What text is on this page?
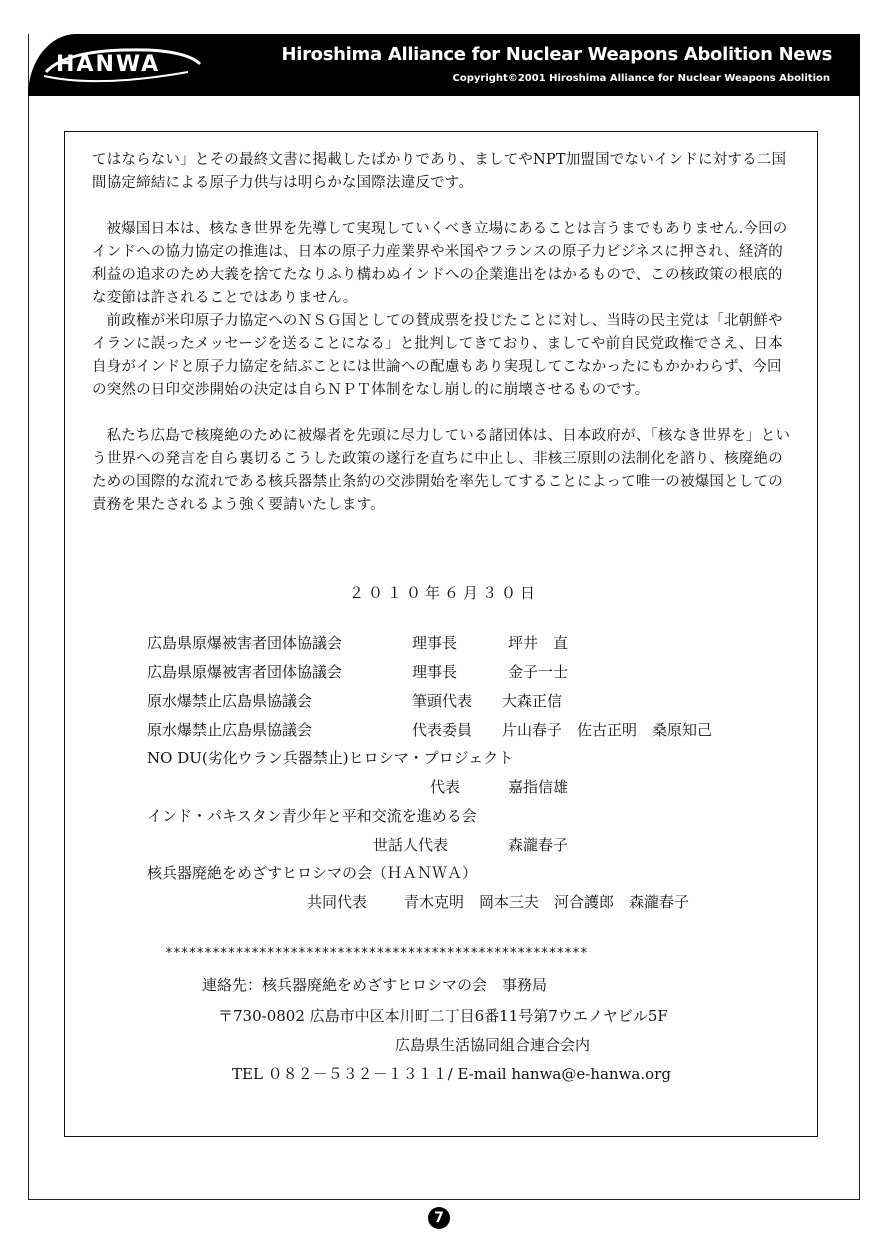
HANWA	Hiroshima Alliance for Nuclear Weapons Abolition News
Copyright©2001 Hiroshima Alliance for Nuclear Weapons Abolition

てはならない」とその最終文書に掲載したばかりであり、ましてやNPT加盟国でないインドに対する二国間協定締結による原子力供与は明らかな国際法違反です。

被爆国日本は、核なき世界を先導して実現していくべき立場にあることは言うまでもありません.今回のインドへの協力協定の推進は、日本の原子力産業界や米国やフランスの原子力ビジネスに押され、経済的利益の追求のため大義を捨てたなりふり構わぬインドへの企業進出をはかるもので、この核政策の根底的な変節は許されることではありません。

前政権が米印原子力協定へのＮＳＧ国としての賛成票を投じたことに対し、当時の民主党は「北朝鮮やイランに誤ったメッセージを送ることになる」と批判してきており、ましてや前自民党政権でさえ、日本自身がインドと原子力協定を結ぶことには世論への配慮もあり実現してこなかったにもかかわらず、今回の突然の日印交渉開始の決定は自らＮＰＴ体制をなし崩し的に崩壊させるものです。

私たち広島で核廃絶のために被爆者を先頭に尽力している諸団体は、日本政府が、「核なき世界を」という世界への発言を自ら裏切るこうした政策の遂行を直ちに中止し、非核三原則の法制化を諮り、核廃絶のための国際的な流れである核兵器禁止条約の交渉開始を率先してすることによって唯一の被爆国としての責務を果たされるよう強く要請いたします。

２０１０年６月３０日
広島県原爆被害者団体協議会	理事長	坪井　直
広島県原爆被害者団体協議会	理事長	金子一士
原水爆禁止広島県協議会	筆頭代表 大森正信
原水爆禁止広島県協議会	代表委員 片山春子　佐古正明　桑原知己
NO DU(劣化ウラン兵器禁止)ヒロシマ・プロジェクト
代表	嘉指信雄
インド・パキスタン青少年と平和交流を進める会
世話人代表	森瀧春子
核兵器廃絶をめざすヒロシマの会（ＨＡＮＷＡ）
共同代表 青木克明　岡本三夫　河合護郎　森瀧春子
******************************************************
連絡先：核兵器廃絶をめざすヒロシマの会　事務局
〒730-0802 広島市中区本川町二丁目6番11号第7ウエノヤビル5F
広島県生活協同組合連合会内
TEL ０８２－５３２－１３１１/ E-mail hanwa@e-hanwa.org
7
